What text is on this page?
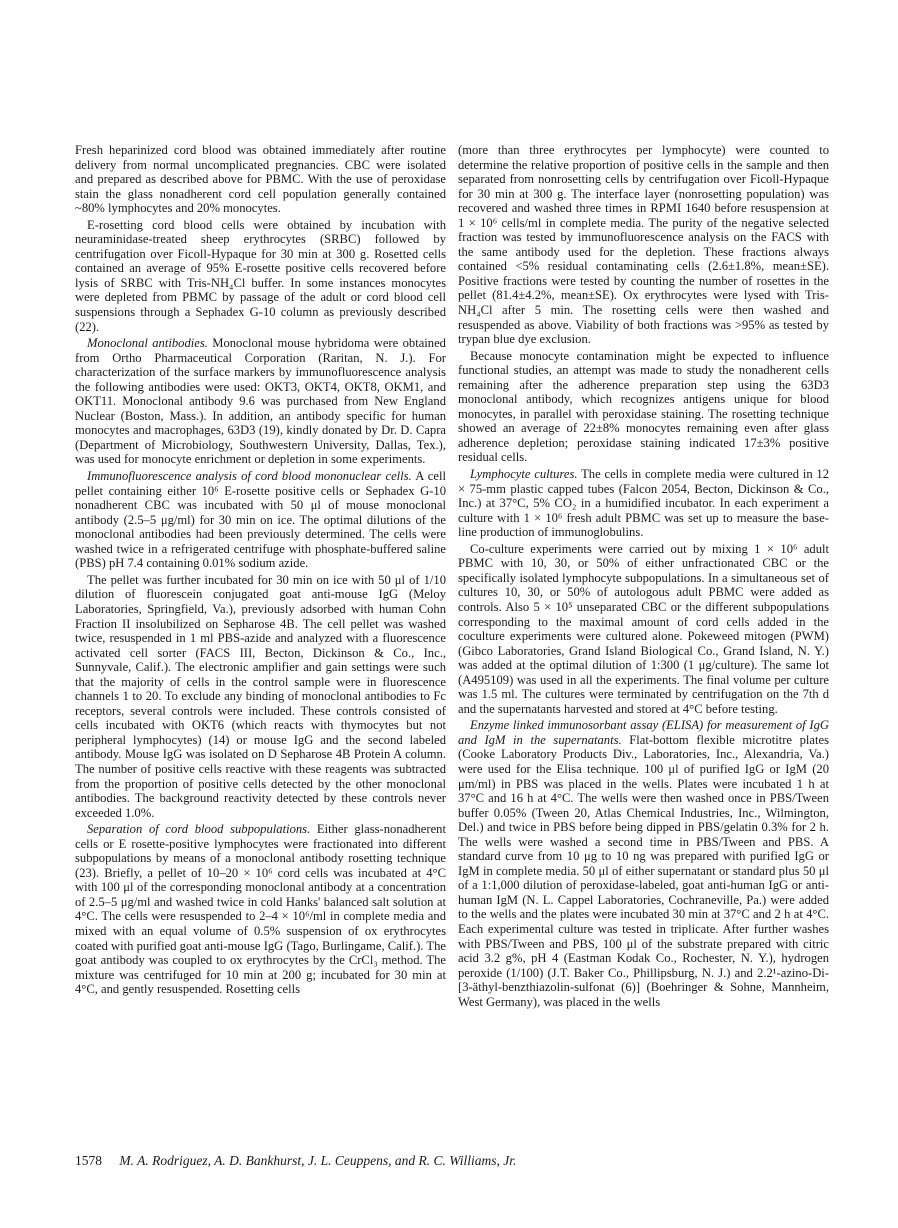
Fresh heparinized cord blood was obtained immediately after routine delivery from normal uncomplicated pregnancies. CBC were isolated and prepared as described above for PBMC. With the use of peroxidase stain the glass nonadherent cord cell population generally contained ~80% lymphocytes and 20% monocytes.

E-rosetting cord blood cells were obtained by incubation with neuraminidase-treated sheep erythrocytes (SRBC) followed by centrifugation over Ficoll-Hypaque for 30 min at 300 g. Rosetted cells contained an average of 95% E-rosette positive cells recovered before lysis of SRBC with Tris-NH₄Cl buffer. In some instances monocytes were depleted from PBMC by passage of the adult or cord blood cell suspensions through a Sephadex G-10 column as previously described (22).

Monoclonal antibodies. Monoclonal mouse hybridoma were obtained from Ortho Pharmaceutical Corporation (Raritan, N. J.). For characterization of the surface markers by immunofluorescence analysis the following antibodies were used: OKT3, OKT4, OKT8, OKM1, and OKT11. Monoclonal antibody 9.6 was purchased from New England Nuclear (Boston, Mass.). In addition, an antibody specific for human monocytes and macrophages, 63D3 (19), kindly donated by Dr. D. Capra (Department of Microbiology, Southwestern University, Dallas, Tex.), was used for monocyte enrichment or depletion in some experiments.

Immunofluorescence analysis of cord blood mononuclear cells. A cell pellet containing either 10⁶ E-rosette positive cells or Sephadex G-10 nonadherent CBC was incubated with 50 μl of mouse monoclonal antibody (2.5–5 μg/ml) for 30 min on ice. The optimal dilutions of the monoclonal antibodies had been previously determined. The cells were washed twice in a refrigerated centrifuge with phosphate-buffered saline (PBS) pH 7.4 containing 0.01% sodium azide.

The pellet was further incubated for 30 min on ice with 50 μl of 1/10 dilution of fluorescein conjugated goat anti-mouse IgG (Meloy Laboratories, Springfield, Va.), previously adsorbed with human Cohn Fraction II insolubilized on Sepharose 4B. The cell pellet was washed twice, resuspended in 1 ml PBS-azide and analyzed with a fluorescence activated cell sorter (FACS III, Becton, Dickinson & Co., Inc., Sunnyvale, Calif.). The electronic amplifier and gain settings were such that the majority of cells in the control sample were in fluorescence channels 1 to 20. To exclude any binding of monoclonal antibodies to Fc receptors, several controls were included. These controls consisted of cells incubated with OKT6 (which reacts with thymocytes but not peripheral lymphocytes) (14) or mouse IgG and the second labeled antibody. Mouse IgG was isolated on D Sepharose 4B Protein A column. The number of positive cells reactive with these reagents was subtracted from the proportion of positive cells detected by the other monoclonal antibodies. The background reactivity detected by these controls never exceeded 1.0%.

Separation of cord blood subpopulations. Either glass-nonadherent cells or E rosette-positive lymphocytes were fractionated into different subpopulations by means of a monoclonal antibody rosetting technique (23). Briefly, a pellet of 10–20 × 10⁶ cord cells was incubated at 4°C with 100 μl of the corresponding monoclonal antibody at a concentration of 2.5–5 μg/ml and washed twice in cold Hanks' balanced salt solution at 4°C. The cells were resuspended to 2–4 × 10⁶/ml in complete media and mixed with an equal volume of 0.5% suspension of ox erythrocytes coated with purified goat anti-mouse IgG (Tago, Burlingame, Calif.). The goat antibody was coupled to ox erythrocytes by the CrCl₃ method. The mixture was centrifuged for 10 min at 200 g; incubated for 30 min at 4°C, and gently resuspended. Rosetting cells

(more than three erythrocytes per lymphocyte) were counted to determine the relative proportion of positive cells in the sample and then separated from nonrosetting cells by centrifugation over Ficoll-Hypaque for 30 min at 300 g. The interface layer (nonrosetting population) was recovered and washed three times in RPMI 1640 before resuspension at 1 × 10⁶ cells/ml in complete media. The purity of the negative selected fraction was tested by immunofluorescence analysis on the FACS with the same antibody used for the depletion. These fractions always contained <5% residual contaminating cells (2.6±1.8%, mean±SE). Positive fractions were tested by counting the number of rosettes in the pellet (81.4±4.2%, mean±SE). Ox erythrocytes were lysed with Tris-NH₄Cl after 5 min. The rosetting cells were then washed and resuspended as above. Viability of both fractions was >95% as tested by trypan blue dye exclusion.

Because monocyte contamination might be expected to influence functional studies, an attempt was made to study the nonadherent cells remaining after the adherence preparation step using the 63D3 monoclonal antibody, which recognizes antigens unique for blood monocytes, in parallel with peroxidase staining. The rosetting technique showed an average of 22±8% monocytes remaining even after glass adherence depletion; peroxidase staining indicated 17±3% positive residual cells.

Lymphocyte cultures. The cells in complete media were cultured in 12 × 75-mm plastic capped tubes (Falcon 2054, Becton, Dickinson & Co., Inc.) at 37°C, 5% CO₂ in a humidified incubator. In each experiment a culture with 1 × 10⁶ fresh adult PBMC was set up to measure the base-line production of immunoglobulins.

Co-culture experiments were carried out by mixing 1 × 10⁶ adult PBMC with 10, 30, or 50% of either unfractionated CBC or the specifically isolated lymphocyte subpopulations. In a simultaneous set of cultures 10, 30, or 50% of autologous adult PBMC were added as controls. Also 5 × 10⁵ unseparated CBC or the different subpopulations corresponding to the maximal amount of cord cells added in the coculture experiments were cultured alone. Pokeweed mitogen (PWM) (Gibco Laboratories, Grand Island Biological Co., Grand Island, N. Y.) was added at the optimal dilution of 1:300 (1 μg/culture). The same lot (A495109) was used in all the experiments. The final volume per culture was 1.5 ml. The cultures were terminated by centrifugation on the 7th d and the supernatants harvested and stored at 4°C before testing.

Enzyme linked immunosorbant assay (ELISA) for measurement of IgG and IgM in the supernatants. Flat-bottom flexible microtitre plates (Cooke Laboratory Products Div., Laboratories, Inc., Alexandria, Va.) were used for the Elisa technique. 100 μl of purified IgG or IgM (20 μm/ml) in PBS was placed in the wells. Plates were incubated 1 h at 37°C and 16 h at 4°C. The wells were then washed once in PBS/Tween buffer 0.05% (Tween 20, Atlas Chemical Industries, Inc., Wilmington, Del.) and twice in PBS before being dipped in PBS/gelatin 0.3% for 2 h. The wells were washed a second time in PBS/Tween and PBS. A standard curve from 10 μg to 10 ng was prepared with purified IgG or IgM in complete media. 50 μl of either supernatant or standard plus 50 μl of a 1:1,000 dilution of peroxidase-labeled, goat anti-human IgG or anti-human IgM (N. L. Cappel Laboratories, Cochraneville, Pa.) were added to the wells and the plates were incubated 30 min at 37°C and 2 h at 4°C. Each experimental culture was tested in triplicate. After further washes with PBS/Tween and PBS, 100 μl of the substrate prepared with citric acid 3.2 g%, pH 4 (Eastman Kodak Co., Rochester, N. Y.), hydrogen peroxide (1/100) (J.T. Baker Co., Phillipsburg, N. J.) and 2.2¹-azino-Di-[3-äthyl-benzthiazolin-sulfonat (6)] (Boehringer & Sohne, Mannheim, West Germany), was placed in the wells

1578 M. A. Rodriguez, A. D. Bankhurst, J. L. Ceuppens, and R. C. Williams, Jr.
